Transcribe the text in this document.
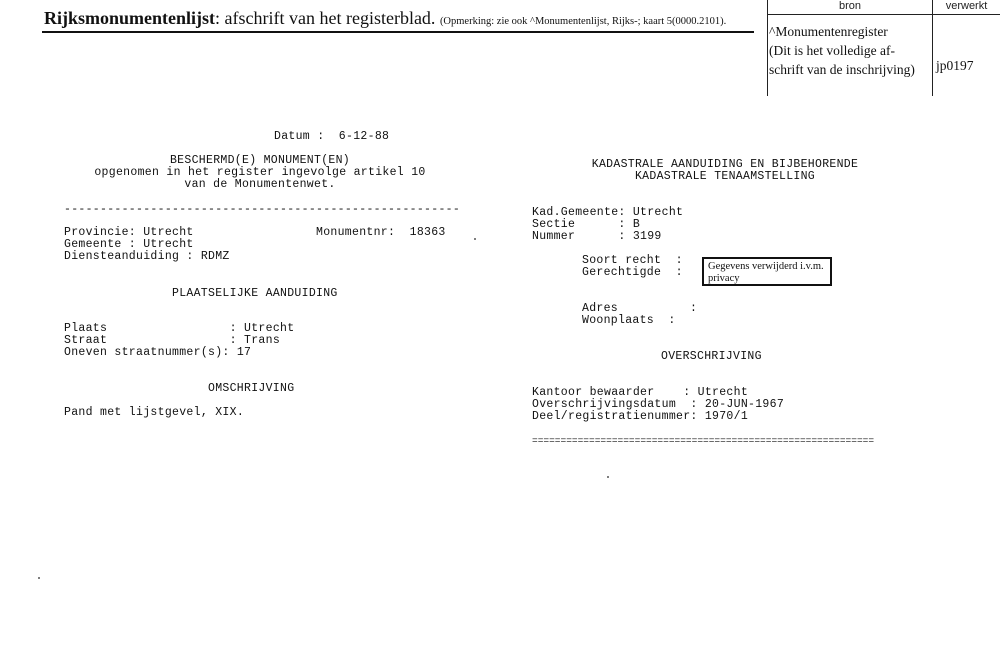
Rijksmonumentenlijst: afschrift van het registerblad. (Opmerking: zie ook ^Monumentenlijst, Rijks-; kaart 5(0000.2101).
bron	verwerkt
^Monumentenregister
(Dit is het volledige af-
schrift van de inschrijving) jp0197
Datum :  6-12-88
BESCHERMD(E) MONUMENT(EN)
opgenomen in het register ingevolge artikel 10
van de Monumentenwet.
-------------------------------------------------------
Provincie: Utrecht
Gemeente : Utrecht
Diensteanduiding : RDMZ
Monumentnr:  18363
PLAATSELIJKE AANDUIDING
Plaats                 : Utrecht
Straat                 : Trans
Oneven straatnummer(s): 17
OMSCHRIJVING
Pand met lijstgevel, XIX.
KADASTRALE AANDUIDING EN BIJBEHORENDE
KADASTRALE TENAAMSTELLING
Kad.Gemeente: Utrecht
Sectie      : B
Nummer      : 3199
Soort recht  :
Gerechtigde  :	Gegevens verwijderd i.v.m. privacy
Adres          :
Woonplaats  :
OVERSCHRIJVING
Kantoor bewaarder    : Utrecht
Overschrijvingsdatum  : 20-JUN-1967
Deel/registratienummer: 1970/1
============================================================
